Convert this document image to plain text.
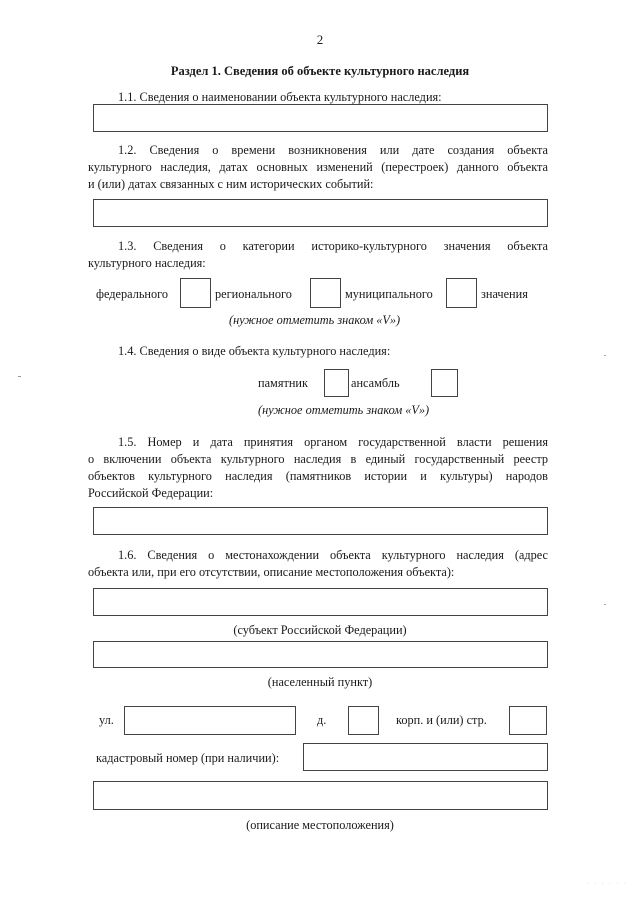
2
Раздел 1. Сведения об объекте культурного наследия
1.1. Сведения о наименовании объекта культурного наследия:
1.2. Сведения о времени возникновения или дате создания объекта
культурного наследия, датах основных изменений (перестроек) данного объекта
и (или) датах связанных с ним исторических событий:
1.3. Сведения о категории историко-культурного значения объекта
культурного наследия:
федерального	регионального	муниципального	значения
(нужное отметить знаком «V»)
1.4. Сведения о виде объекта культурного наследия:
памятник	ансамбль
(нужное отметить знаком «V»)
1.5. Номер и дата принятия органом государственной власти решения
о включении объекта культурного наследия в единый государственный реестр
объектов культурного наследия (памятников истории и культуры) народов
Российской Федерации:
1.6. Сведения о местонахождении объекта культурного наследия (адрес
объекта или, при его отсутствии, описание местоположения объекта):
(субъект Российской Федерации)
(населенный пункт)
ул.	д.	корп. и (или) стр.
кадастровый номер (при наличии):
(описание местоположения)
· · · · · ·
